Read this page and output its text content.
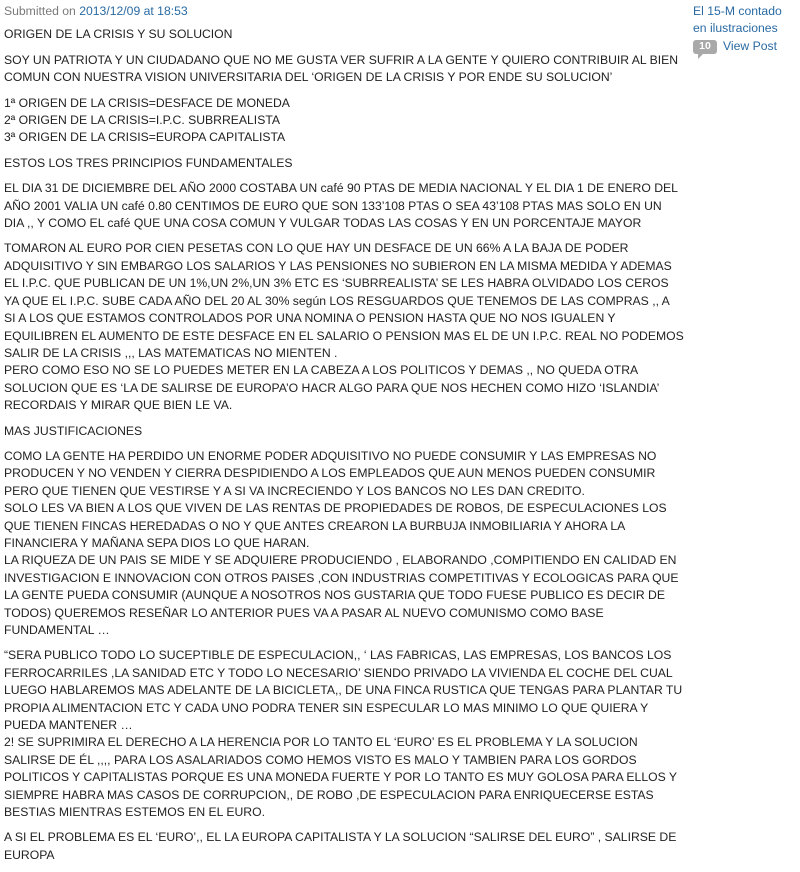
Submitted on 2013/12/09 at 18:53

ORIGEN DE LA CRISIS Y SU SOLUCION

SOY UN PATRIOTA Y UN CIUDADANO QUE NO ME GUSTA VER SUFRIR A LA GENTE Y QUIERO CONTRIBUIR AL BIEN COMUN CON NUESTRA VISION UNIVERSITARIA DEL ‘ORIGEN DE LA CRISIS Y POR ENDE SU SOLUCION’

1ª ORIGEN DE LA CRISIS=DESFACE DE MONEDA
2ª ORIGEN DE LA CRISIS=I.P.C. SUBRREALISTA
3ª ORIGEN DE LA CRISIS=EUROPA CAPITALISTA

ESTOS LOS TRES PRINCIPIOS FUNDAMENTALES

EL DIA 31 DE DICIEMBRE DEL AÑO 2000 COSTABA UN café 90 PTAS DE MEDIA NACIONAL Y EL DIA 1 DE ENERO DEL AÑO 2001 VALIA UN café 0.80 CENTIMOS DE EURO QUE SON 133’108 PTAS O SEA 43’108 PTAS MAS SOLO EN UN DIA ,, Y COMO EL café QUE UNA COSA COMUN Y VULGAR TODAS LAS COSAS Y EN UN PORCENTAJE MAYOR

TOMARON AL EURO POR CIEN PESETAS CON LO QUE HAY UN DESFACE DE UN 66% A LA BAJA DE PODER ADQUISITIVO Y SIN EMBARGO LOS SALARIOS Y LAS PENSIONES NO SUBIERON EN LA MISMA MEDIDA Y ADEMAS EL I.P.C. QUE PUBLICAN DE UN 1%,UN 2%,UN 3% ETC ES ‘SUBRREALISTA’ SE LES HABRA OLVIDADO LOS CEROS YA QUE EL I.P.C. SUBE CADA AÑO DEL 20 AL 30% según LOS RESGUARDOS QUE TENEMOS DE LAS COMPRAS ,, A SI A LOS QUE ESTAMOS CONTROLADOS POR UNA NOMINA O PENSION HASTA QUE NO NOS IGUALEN Y EQUILIBREN EL AUMENTO DE ESTE DESFACE EN EL SALARIO O PENSION MAS EL DE UN I.P.C. REAL NO PODEMOS SALIR DE LA CRISIS ,,, LAS MATEMATICAS NO MIENTEN .
PERO COMO ESO NO SE LO PUEDES METER EN LA CABEZA A LOS POLITICOS Y DEMAS ,, NO QUEDA OTRA SOLUCION QUE ES ‘LA DE SALIRSE DE EUROPA’O HACR ALGO PARA QUE NOS HECHEN COMO HIZO ‘ISLANDIA’ RECORDAIS Y MIRAR QUE BIEN LE VA.

MAS JUSTIFICACIONES

COMO LA GENTE HA PERDIDO UN ENORME PODER ADQUISITIVO NO PUEDE CONSUMIR Y LAS EMPRESAS NO PRODUCEN Y NO VENDEN Y CIERRA DESPIDIENDO A LOS EMPLEADOS QUE AUN MENOS PUEDEN CONSUMIR PERO QUE TIENEN QUE VESTIRSE Y A SI VA INCRECIENDO Y LOS BANCOS NO LES DAN CREDITO.
SOLO LES VA BIEN A LOS QUE VIVEN DE LAS RENTAS DE PROPIEDADES DE ROBOS, DE ESPECULACIONES LOS QUE TIENEN FINCAS HEREDADAS O NO Y QUE ANTES CREARON LA BURBUJA INMOBILIARIA Y AHORA LA FINANCIERA Y MAÑANA SEPA DIOS LO QUE HARAN.
LA RIQUEZA DE UN PAIS SE MIDE Y SE ADQUIERE PRODUCIENDO , ELABORANDO ,COMPITIENDO EN CALIDAD EN INVESTIGACION E INNOVACION CON OTROS PAISES ,CON INDUSTRIAS COMPETITIVAS Y ECOLOGICAS PARA QUE LA GENTE PUEDA CONSUMIR (AUNQUE A NOSOTROS NOS GUSTARIA QUE TODO FUESE PUBLICO ES DECIR DE TODOS) QUEREMOS RESEÑAR LO ANTERIOR PUES VA A PASAR AL NUEVO COMUNISMO COMO BASE FUNDAMENTAL …

“SERA PUBLICO TODO LO SUCEPTIBLE DE ESPECULACION,, ‘ LAS FABRICAS, LAS EMPRESAS, LOS BANCOS LOS FERROCARRILES ,LA SANIDAD ETC Y TODO LO NECESARIO’ SIENDO PRIVADO LA VIVIENDA EL COCHE DEL CUAL LUEGO HABLAREMOS MAS ADELANTE DE LA BICICLETA,, DE UNA FINCA RUSTICA QUE TENGAS PARA PLANTAR TU PROPIA ALIMENTACION ETC Y CADA UNO PODRA TENER SIN ESPECULAR LO MAS MINIMO LO QUE QUIERA Y PUEDA MANTENER …
2! SE SUPRIMIRA EL DERECHO A LA HERENCIA POR LO TANTO EL ‘EURO’ ES EL PROBLEMA Y LA SOLUCION SALIRSE DE ÉL ,,,, PARA LOS ASALARIADOS COMO HEMOS VISTO ES MALO Y TAMBIEN PARA LOS GORDOS POLITICOS Y CAPITALISTAS PORQUE ES UNA MONEDA FUERTE Y POR LO TANTO ES MUY GOLOSA PARA ELLOS Y SIEMPRE HABRA MAS CASOS DE CORRUPCION,, DE ROBO ,DE ESPECULACION PARA ENRIQUECERSE ESTAS BESTIAS MIENTRAS ESTEMOS EN EL EURO.

A SI EL PROBLEMA ES EL ‘EURO’,, EL LA EUROPA CAPITALISTA Y LA SOLUCION “SALIRSE DEL EURO” , SALIRSE DE EUROPA

El 15-M contado en ilustraciones
10 View Post
